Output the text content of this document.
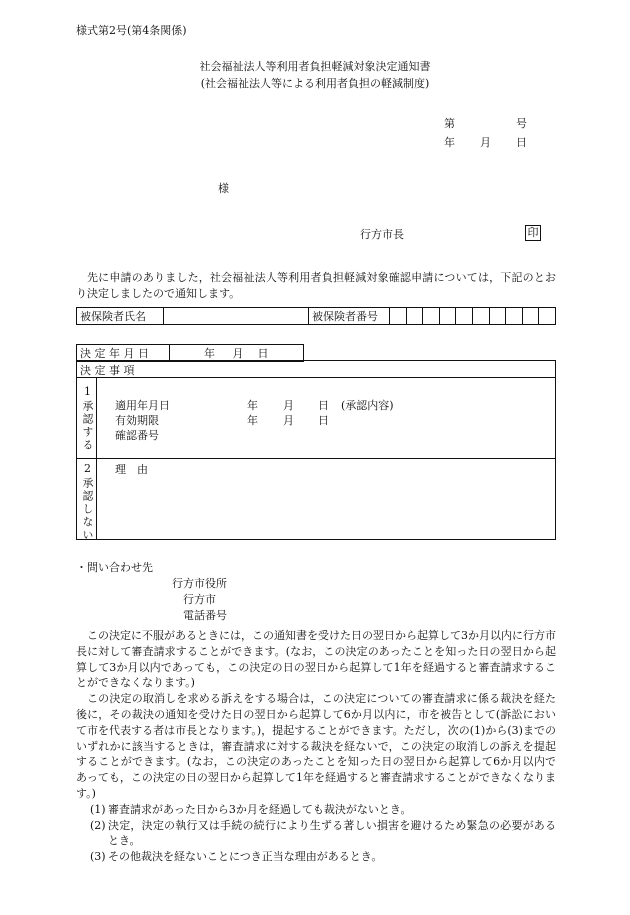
様式第2号(第4条関係)
社会福祉法人等利用者負担軽減対象決定通知書
(社会福祉法人等による利用者負担の軽減制度)
第	号
年 月 日
様
行方市長	印

先に申請のありました，社会福祉法人等利用者負担軽減対象確認申請については，下記のとおり決定しましたので通知します。

被保険者氏名		被保険者番号										
決 定 年 月 日	年 月 日
決 定 事 項
1承認する 適用年月日	年 月 日 (承認内容)
有効期限	年 月 日
確認番号
2承認しない 理　由
・問い合わせ先
行方市役所
行方市
電話番号

この決定に不服があるときには，この通知書を受けた日の翌日から起算して3か月以内に行方市長に対して審査請求することができます。(なお，この決定のあったことを知った日の翌日から起算して3か月以内であっても，この決定の日の翌日から起算して1年を経過すると審査請求することができなくなります。)

この決定の取消しを求める訴えをする場合は，この決定についての審査請求に係る裁決を経た後に，その裁決の通知を受けた日の翌日から起算して6か月以内に，市を被告として(訴訟において市を代表する者は市長となります。)，提起することができます。ただし，次の(1)から(3)までのいずれかに該当するときは，審査請求に対する裁決を経ないで，この決定の取消しの訴えを提起することができます。(なお，この決定のあったことを知った日の翌日から起算して6か月以内であっても，この決定の日の翌日から起算して1年を経過すると審査請求することができなくなります。)

(1) 審査請求があった日から3か月を経過しても裁決がないとき。

(2) 決定，決定の執行又は手続の続行により生ずる著しい損害を避けるため緊急の必要があるとき。

(3) その他裁決を経ないことにつき正当な理由があるとき。
